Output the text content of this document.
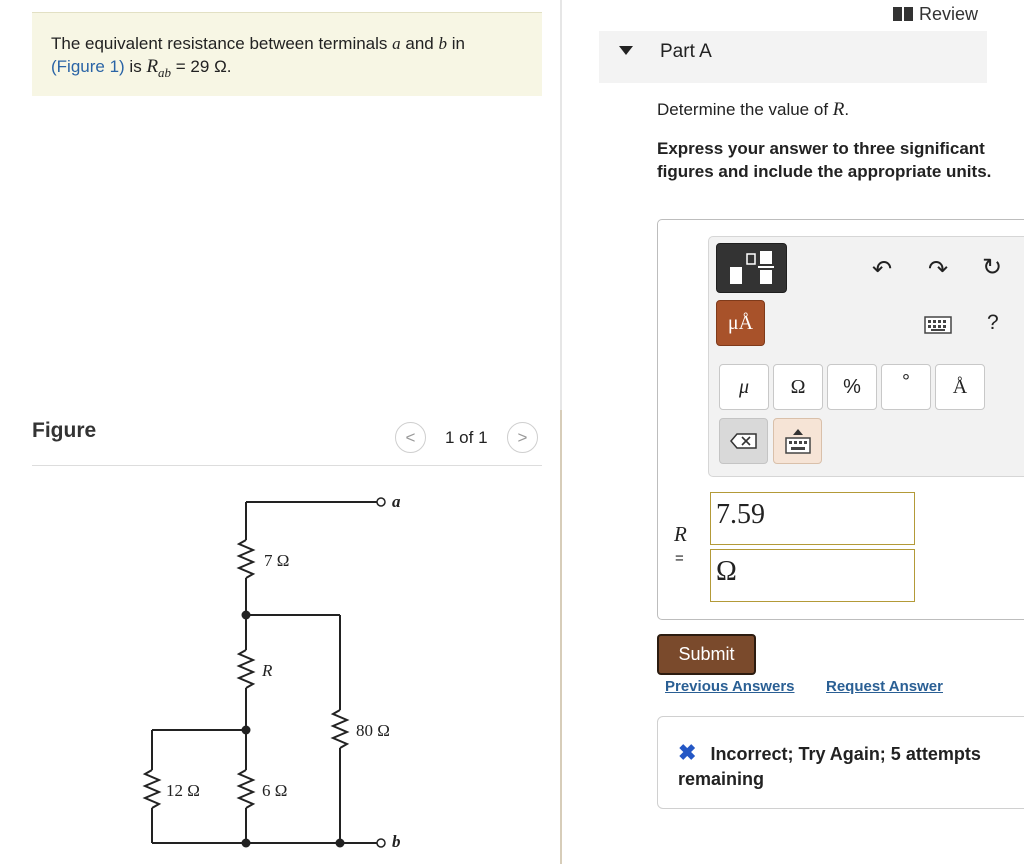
The equivalent resistance between terminals a and b in
(Figure 1) is $R_{ab} = 29$ Ω.
Figure	<	1 of 1	>
a
b
7 Ω
R
80 Ω
12 Ω	6 Ω
Review
Part A
Determine the value of R.
Express your answer to three significant figures and include the appropriate units.
↶ ↷ ↻
μÅ	?
μ	Ω	%	°	Å
R
=
7.59
Ω
Submit
Previous Answers Request Answer
✖ Incorrect; Try Again; 5 attempts remaining
